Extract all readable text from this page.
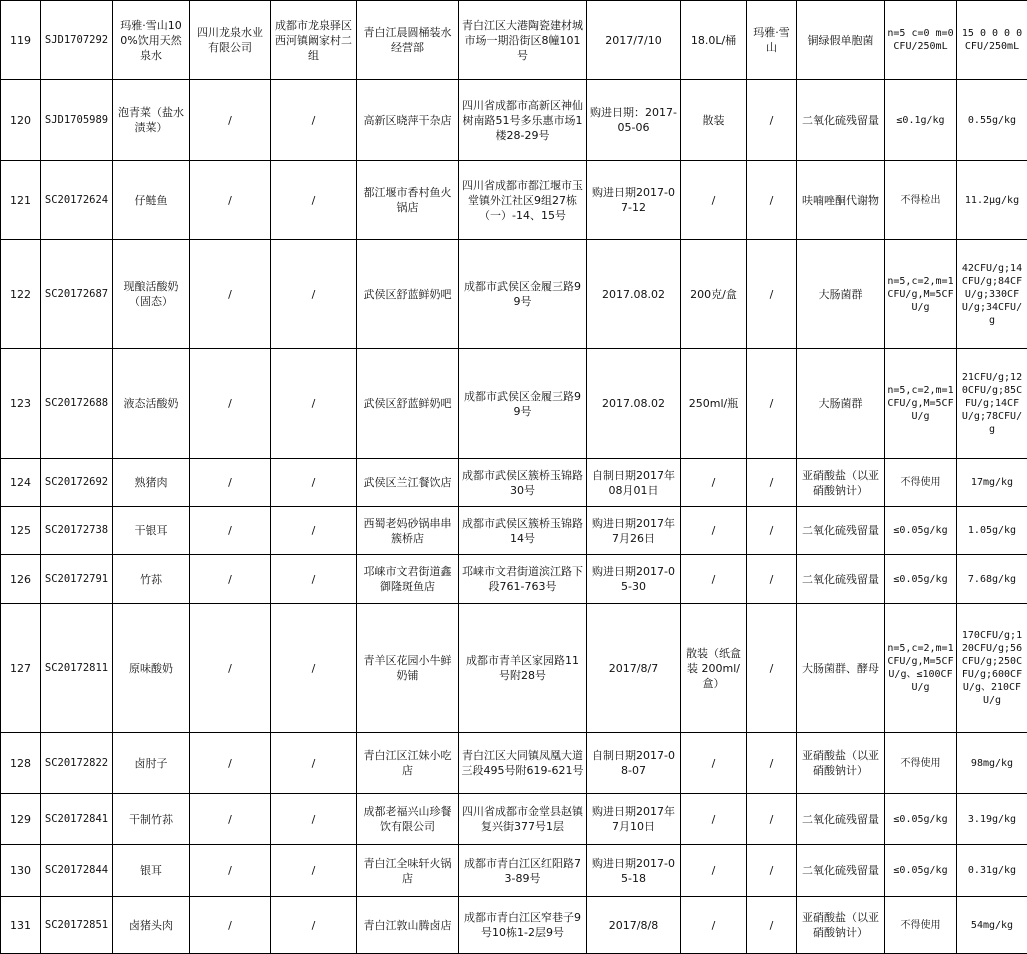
119	SJD1707292	玛雅·雪山100%饮用天然泉水	四川龙泉水业有限公司	成都市龙泉驿区西河镇阚家村二组	青白江晨圆桶装水经营部	青白江区大港陶瓷建材城市场一期沿街区8幢101号	2017/7/10	18.0L/桶	玛雅·雪山	铜绿假单胞菌	n=5 c=0 m=0 CFU/250mL	15 0 0 0 0 CFU/250mL
120	SJD1705989	泡青菜（盐水渍菜）	/	/	高新区晓萍干杂店	四川省成都市高新区神仙树南路51号多乐惠市场1楼28-29号	购进日期：2017-05-06	散装	/	二氧化硫残留量	≤0.1g/kg	0.55g/kg
121	SC20172624	仔鲢鱼	/	/	都江堰市香村鱼火锅店	四川省成都市都江堰市玉堂镇外江社区9组27栋（一）-14、15号	购进日期2017-07-12	/	/	呋喃唑酮代谢物	不得检出	11.2μg/kg
122	SC20172687	现酿活酸奶（固态）	/	/	武侯区舒蓝鲜奶吧	成都市武侯区金履三路99号	2017.08.02	200克/盒	/	大肠菌群	n=5,c=2,m=1CFU/g,M=5CFU/g	42CFU/g;14CFU/g;84CFU/g;330CFU/g;34CFU/g
123	SC20172688	液态活酸奶	/	/	武侯区舒蓝鲜奶吧	成都市武侯区金履三路99号	2017.08.02	250ml/瓶	/	大肠菌群	n=5,c=2,m=1CFU/g,M=5CFU/g	21CFU/g;120CFU/g;85CFU/g;14CFU/g;78CFU/g
124	SC20172692	熟猪肉	/	/	武侯区兰江餐饮店	成都市武侯区簇桥玉锦路30号	自制日期2017年08月01日	/	/	亚硝酸盐（以亚硝酸钠计）	不得使用	17mg/kg
125	SC20172738	干银耳	/	/	西蜀老妈砂锅串串簇桥店	成都市武侯区簇桥玉锦路14号	购进日期2017年7月26日	/	/	二氧化硫残留量	≤0.05g/kg	1.05g/kg
126	SC20172791	竹荪	/	/	邛崃市文君街道鑫御隆斑鱼店	邛崃市文君街道滨江路下段761-763号	购进日期2017-05-30	/	/	二氧化硫残留量	≤0.05g/kg	7.68g/kg
127	SC20172811	原味酸奶	/	/	青羊区花园小牛鲜奶铺	成都市青羊区家园路11号附28号	2017/8/7	散装（纸盒装 200ml/盒）	/	大肠菌群、酵母	n=5,c=2,m=1CFU/g,M=5CFU/g、≤100CFU/g	170CFU/g;120CFU/g;56CFU/g;250CFU/g;600CFU/g、210CFU/g
128	SC20172822	卤肘子	/	/	青白江区江妹小吃店	青白江区大同镇凤凰大道三段495号附619-621号	自制日期2017-08-07	/	/	亚硝酸盐（以亚硝酸钠计）	不得使用	98mg/kg
129	SC20172841	干制竹荪	/	/	成都老福兴山珍餐饮有限公司	四川省成都市金堂县赵镇复兴街377号1层	购进日期2017年7月10日	/	/	二氧化硫残留量	≤0.05g/kg	3.19g/kg
130	SC20172844	银耳	/	/	青白江全味轩火锅店	成都市青白江区红阳路73-89号	购进日期2017-05-18	/	/	二氧化硫残留量	≤0.05g/kg	0.31g/kg
131	SC20172851	卤猪头肉	/	/	青白江敦山腾卤店	成都市青白江区窄巷子9号10栋1-2层9号	2017/8/8	/	/	亚硝酸盐（以亚硝酸钠计）	不得使用	54mg/kg
